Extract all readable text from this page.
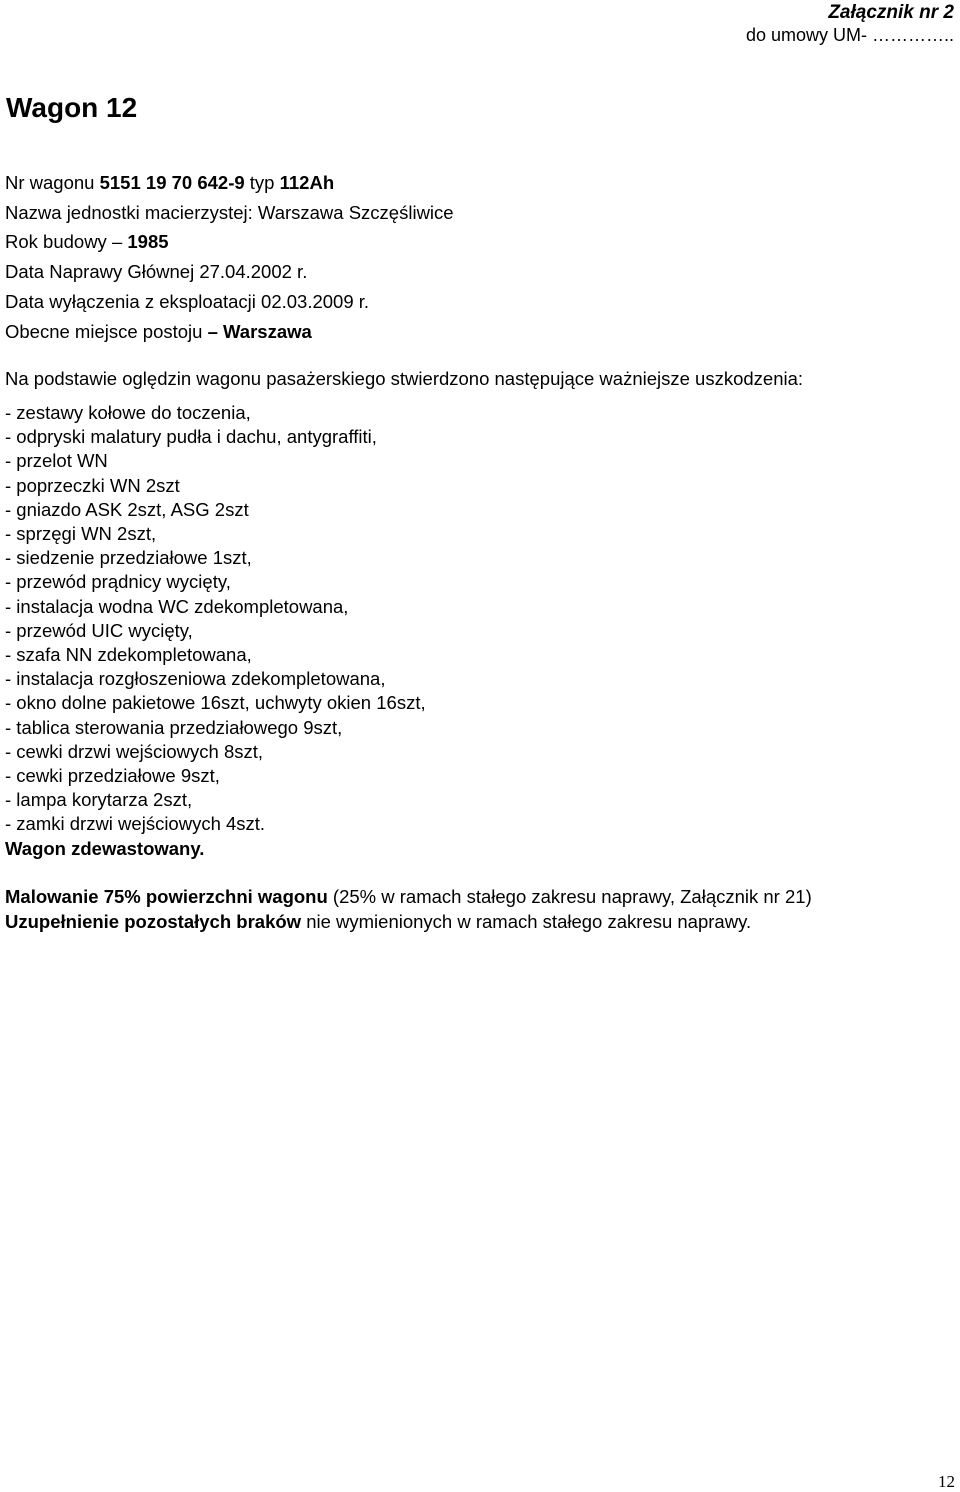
Załącznik nr 2
do umowy UM- …………..
Wagon 12
Nr wagonu 5151 19 70 642-9 typ 112Ah
Nazwa jednostki macierzystej: Warszawa Szczęśliwice
Rok budowy – 1985
Data Naprawy Głównej 27.04.2002 r.
Data wyłączenia z eksploatacji 02.03.2009 r.
Obecne miejsce postoju – Warszawa
Na podstawie oględzin wagonu pasażerskiego stwierdzono następujące ważniejsze uszkodzenia:
- zestawy kołowe do toczenia,
- odpryski malatury pudła i dachu, antygraffiti,
- przelot WN
- poprzeczki WN 2szt
- gniazdo ASK 2szt, ASG 2szt
- sprzęgi WN 2szt,
- siedzenie przedziałowe 1szt,
- przewód prądnicy wycięty,
- instalacja wodna WC zdekompletowana,
- przewód UIC wycięty,
- szafa NN zdekompletowana,
- instalacja rozgłoszeniowa zdekompletowana,
- okno dolne pakietowe 16szt, uchwyty okien 16szt,
- tablica sterowania przedziałowego 9szt,
- cewki drzwi wejściowych 8szt,
- cewki przedziałowe 9szt,
- lampa korytarza 2szt,
- zamki drzwi wejściowych 4szt.
Wagon zdewastowany.
Malowanie 75% powierzchni wagonu (25% w ramach stałego zakresu naprawy, Załącznik nr 21)
Uzupełnienie pozostałych braków nie wymienionych w ramach stałego zakresu naprawy.
12
